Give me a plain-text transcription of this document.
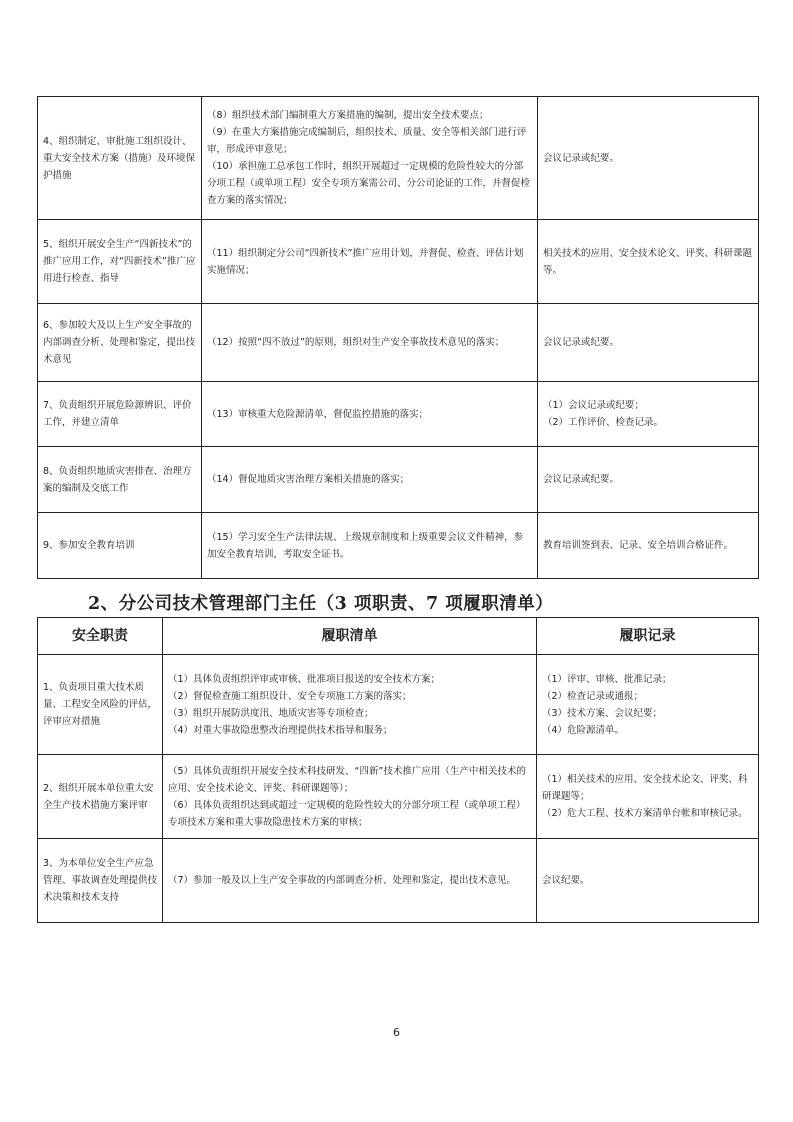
4、组织制定、审批施工组织设计、重大安全技术方案（措施）及环境保护措施	（8）组织技术部门编制重大方案措施的编制，提出安全技术要点；
（9）在重大方案措施完成编制后，组织技术、质量、安全等相关部门进行评审，形成评审意见；
（10）承担施工总承包工作时，组织开展超过一定规模的危险性较大的分部分项工程（或单项工程）安全专项方案需公司、分公司论证的工作，并督促检查方案的落实情况；	会议记录或纪要。
5、组织开展安全生产“四新技术”的推广应用工作，对“四新技术”推广应用进行检查、指导	（11）组织制定分公司“四新技术”推广应用计划，并督促、检查、评估计划实施情况；	相关技术的应用、安全技术论文、评奖、科研课题等。
6、参加较大及以上生产安全事故的内部调查分析、处理和鉴定，提出技术意见	（12）按照“四不放过”的原则，组织对生产安全事故技术意见的落实；	会议记录或纪要。
7、负责组织开展危险源辨识、评价工作，并建立清单	（13）审核重大危险源清单，督促监控措施的落实；	（1）会议记录或纪要；
（2）工作评价、检查记录。

8、负责组织地质灾害排查、治理方案的编制及交底工作	（14）督促地质灾害治理方案相关措施的落实；	会议记录或纪要。
9、参加安全教育培训	（15）学习安全生产法律法规、上级规章制度和上级重要会议文件精神，参加安全教育培训，考取安全证书。	教育培训签到表、记录、安全培训合格证件。
2、分公司技术管理部门主任（3 项职责、7 项履职清单）
安全职责	履职清单	履职记录
1、负责项目重大技术质量、工程安全风险的评估，评审应对措施	（1）具体负责组织评审或审核、批准项目报送的安全技术方案；
（2）督促检查施工组织设计、安全专项施工方案的落实；
（3）组织开展防洪度汛、地质灾害等专项检查；
（4）对重大事故隐患整改治理提供技术指导和服务；	（1）评审、审核、批准记录；
（2）检查记录或通报；
（3）技术方案、会议纪要；
（4）危险源清单。

2、组织开展本单位重大安全生产技术措施方案评审	（5）具体负责组织开展安全技术科技研发、“四新”技术推广应用（生产中相关技术的应用、安全技术论文、评奖、科研课题等）；
（6）具体负责组织达到或超过一定规模的危险性较大的分部分项工程（或单项工程）专项技术方案和重大事故隐患技术方案的审核；	（1）相关技术的应用、安全技术论文、评奖、科研课题等；
（2）危大工程、技术方案清单台帐和审核记录。

3、为本单位安全生产应急管理、事故调查处理提供技术决策和技术支持	（7）参加一般及以上生产安全事故的内部调查分析、处理和鉴定，提出技术意见。	会议纪要。
6
